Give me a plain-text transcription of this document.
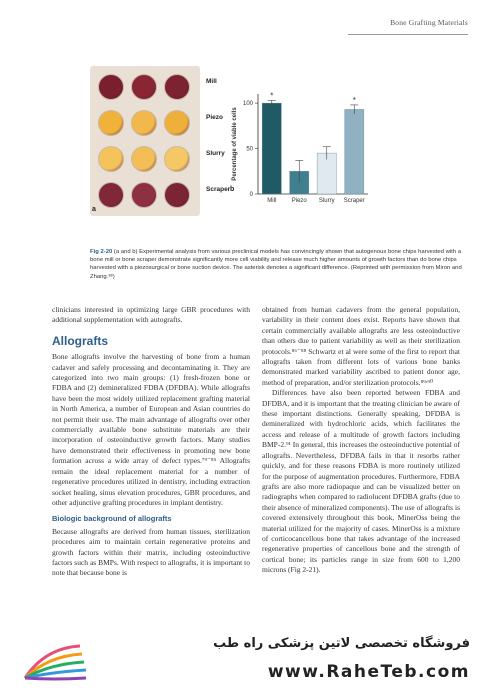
Bone Grafting Materials
Mill
Piezo
Slurry
Scraper
a
b
0
50
100
Percentage of viable cells
Mill
*
Piezo Slurry Scraper
*
Fig 2-20 (a and b) Experimental analysis from various preclinical models has convincingly shown that autogenous bone chips harvested with a bone mill or bone scraper demonstrate significantly more cell viability and release much higher amounts of growth factors than do bone chips harvested with a piezosurgical or bone suction device. The asterisk denotes a significant difference. (Reprinted with permission from Miron and Zhang.³⁸)

clinicians interested in optimizing large GBR procedures with additional supplementation with autografts.

Allografts

Bone allografts involve the harvesting of bone from a human cadaver and safely processing and decontaminating it. They are categorized into two main groups: (1) fresh-frozen bone or FDBA and (2) demineralized FDBA (DFDBA). While allografts have been the most widely utilized replacement grafting material in North America, a number of European and Asian countries do not permit their use. The main advantage of allografts over other commercially available bone substitute materials are their incorporation of osteoinductive growth factors. Many studies have demonstrated their effectiveness in promoting new bone formation across a wide array of defect types.⁷⁹⁻⁸⁵ Allografts remain the ideal replacement material for a number of regenerative procedures utilized in dentistry, including extraction socket healing, sinus elevation procedures, GBR procedures, and other adjunctive grafting procedures in implant dentistry.

Biologic background of allografts

Because allografts are derived from human tissues, sterilization procedures aim to maintain certain regenerative proteins and growth factors within their matrix, including osteoinductive factors such as BMPs. With respect to allografts, it is important to note that because bone is

obtained from human cadavers from the general population, variability in their content does exist. Reports have shown that certain commercially available allografts are less osteoinductive than others due to patient variability as well as their sterilization protocols.⁸⁶⁻⁸⁸ Schwartz et al were some of the first to report that allografts taken from different lots of various bone banks demonstrated marked variability ascribed to patient donor age, method of preparation, and/or sterilization protocols.⁸⁹ʴ⁹⁰

Differences have also been reported between FDBA and DFDBA, and it is important that the treating clinician be aware of these important distinctions. Generally speaking, DFDBA is demineralized with hydrochloric acids, which facilitates the access and release of a multitude of growth factors including BMP-2.⁹¹ In general, this increases the osteoinductive potential of allografts. Nevertheless, DFDBA fails in that it resorbs rather quickly, and for these reasons FDBA is more routinely utilized for the purpose of augmentation procedures. Furthermore, FDBA grafts are also more radiopaque and can be visualized better on radiographs when compared to radiolucent DFDBA grafts (due to their absence of mineralized components). The use of allografts is covered extensively throughout this book, MinerOss being the material utilized for the majority of cases. MinerOss is a mixture of corticocancellous bone that takes advantage of the increased regenerative properties of cancellous bone and the strength of cortical bone; its particles range in size from 600 to 1,200 microns (Fig 2-21).

فروشگاه تخصصی لاتین پزشکی راه طب
www.RaheTeb.com
